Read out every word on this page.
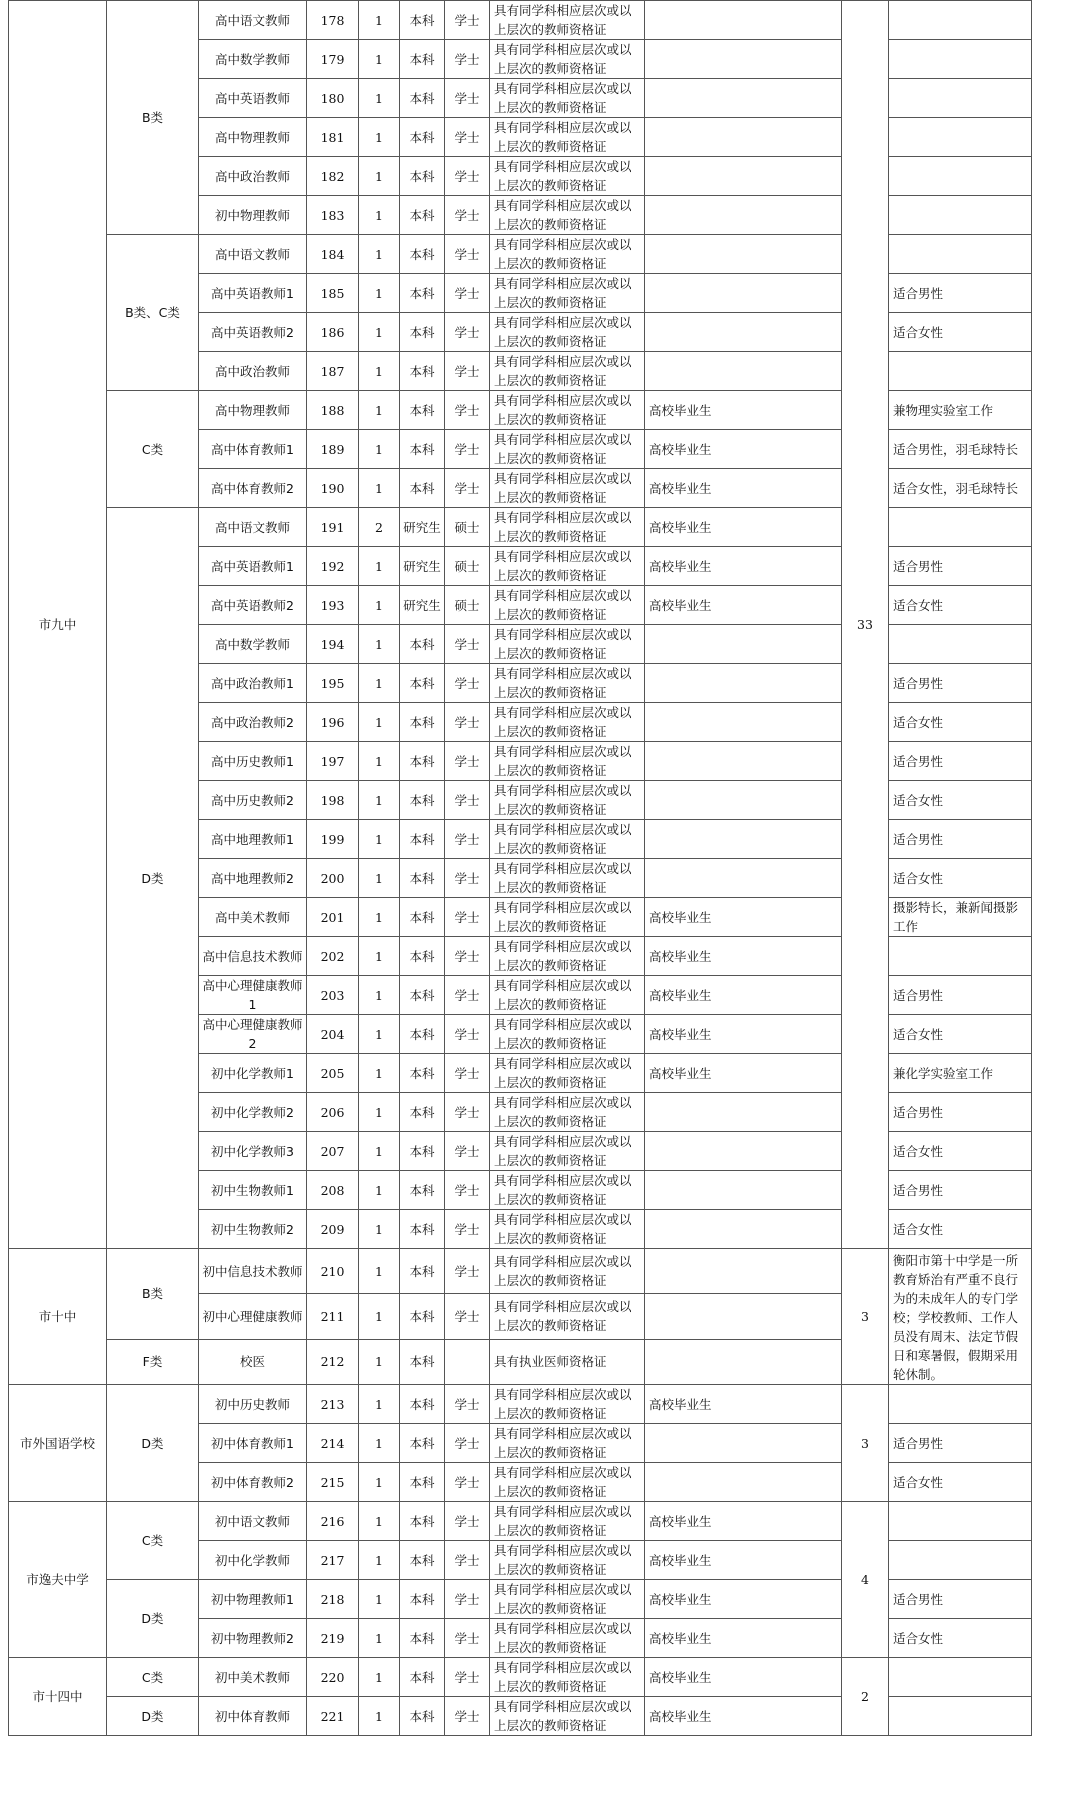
市九中	B类	高中语文教师	178	1	本科	学士	具有同学科相应层次或以上层次的教师资格证		33	
		高中数学教师	179	1	本科	学士	具有同学科相应层次或以上层次的教师资格证			
		高中英语教师	180	1	本科	学士	具有同学科相应层次或以上层次的教师资格证			
		高中物理教师	181	1	本科	学士	具有同学科相应层次或以上层次的教师资格证			
		高中政治教师	182	1	本科	学士	具有同学科相应层次或以上层次的教师资格证			
		初中物理教师	183	1	本科	学士	具有同学科相应层次或以上层次的教师资格证			
	B类、C类	高中语文教师	184	1	本科	学士	具有同学科相应层次或以上层次的教师资格证			
		高中英语教师1	185	1	本科	学士	具有同学科相应层次或以上层次的教师资格证			适合男性
		高中英语教师2	186	1	本科	学士	具有同学科相应层次或以上层次的教师资格证			适合女性
		高中政治教师	187	1	本科	学士	具有同学科相应层次或以上层次的教师资格证			
	C类	高中物理教师	188	1	本科	学士	具有同学科相应层次或以上层次的教师资格证	高校毕业生		兼物理实验室工作
		高中体育教师1	189	1	本科	学士	具有同学科相应层次或以上层次的教师资格证	高校毕业生		适合男性，羽毛球特长
		高中体育教师2	190	1	本科	学士	具有同学科相应层次或以上层次的教师资格证	高校毕业生		适合女性，羽毛球特长
	D类	高中语文教师	191	2	研究生	硕士	具有同学科相应层次或以上层次的教师资格证	高校毕业生		
		高中英语教师1	192	1	研究生	硕士	具有同学科相应层次或以上层次的教师资格证	高校毕业生		适合男性
		高中英语教师2	193	1	研究生	硕士	具有同学科相应层次或以上层次的教师资格证	高校毕业生		适合女性
		高中数学教师	194	1	本科	学士	具有同学科相应层次或以上层次的教师资格证			
		高中政治教师1	195	1	本科	学士	具有同学科相应层次或以上层次的教师资格证			适合男性
		高中政治教师2	196	1	本科	学士	具有同学科相应层次或以上层次的教师资格证			适合女性
		高中历史教师1	197	1	本科	学士	具有同学科相应层次或以上层次的教师资格证			适合男性
		高中历史教师2	198	1	本科	学士	具有同学科相应层次或以上层次的教师资格证			适合女性
		高中地理教师1	199	1	本科	学士	具有同学科相应层次或以上层次的教师资格证			适合男性
		高中地理教师2	200	1	本科	学士	具有同学科相应层次或以上层次的教师资格证			适合女性
		高中美术教师	201	1	本科	学士	具有同学科相应层次或以上层次的教师资格证	高校毕业生		摄影特长，兼新闻摄影工作
		高中信息技术教师	202	1	本科	学士	具有同学科相应层次或以上层次的教师资格证	高校毕业生		
		高中心理健康教师1	203	1	本科	学士	具有同学科相应层次或以上层次的教师资格证	高校毕业生		适合男性
		高中心理健康教师2	204	1	本科	学士	具有同学科相应层次或以上层次的教师资格证	高校毕业生		适合女性
		初中化学教师1	205	1	本科	学士	具有同学科相应层次或以上层次的教师资格证	高校毕业生		兼化学实验室工作
		初中化学教师2	206	1	本科	学士	具有同学科相应层次或以上层次的教师资格证			适合男性
		初中化学教师3	207	1	本科	学士	具有同学科相应层次或以上层次的教师资格证			适合女性
		初中生物教师1	208	1	本科	学士	具有同学科相应层次或以上层次的教师资格证			适合男性
		初中生物教师2	209	1	本科	学士	具有同学科相应层次或以上层次的教师资格证			适合女性
市十中	B类	初中信息技术教师	210	1	本科	学士	具有同学科相应层次或以上层次的教师资格证		3	衡阳市第十中学是一所教育矫治有严重不良行为的未成年人的专门学校；学校教师、工作人员没有周末、法定节假日和寒暑假，假期采用轮休制。
		初中心理健康教师	211	1	本科	学士	具有同学科相应层次或以上层次的教师资格证			
	F类	校医	212	1	本科		具有执业医师资格证			
市外国语学校	D类	初中历史教师	213	1	本科	学士	具有同学科相应层次或以上层次的教师资格证	高校毕业生	3	
		初中体育教师1	214	1	本科	学士	具有同学科相应层次或以上层次的教师资格证			适合男性
		初中体育教师2	215	1	本科	学士	具有同学科相应层次或以上层次的教师资格证			适合女性
市逸夫中学	C类	初中语文教师	216	1	本科	学士	具有同学科相应层次或以上层次的教师资格证	高校毕业生	4	
		初中化学教师	217	1	本科	学士	具有同学科相应层次或以上层次的教师资格证	高校毕业生		
	D类	初中物理教师1	218	1	本科	学士	具有同学科相应层次或以上层次的教师资格证	高校毕业生		适合男性
		初中物理教师2	219	1	本科	学士	具有同学科相应层次或以上层次的教师资格证	高校毕业生		适合女性
市十四中	C类	初中美术教师	220	1	本科	学士	具有同学科相应层次或以上层次的教师资格证	高校毕业生	2	
	D类	初中体育教师	221	1	本科	学士	具有同学科相应层次或以上层次的教师资格证	高校毕业生		
